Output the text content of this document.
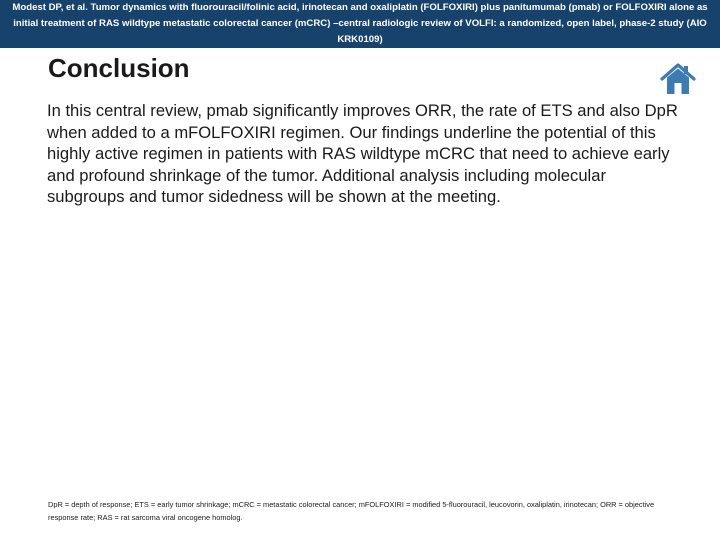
Modest DP, et al. Tumor dynamics with fluorouracil/folinic acid, irinotecan and oxaliplatin (FOLFOXIRI) plus panitumumab (pmab) or FOLFOXIRI alone as initial treatment of RAS wildtype metastatic colorectal cancer (mCRC) –central radiologic review of VOLFI: a randomized, open label, phase-2 study (AIO KRK0109)
Conclusion

In this central review, pmab significantly improves ORR, the rate of ETS and also DpR when added to a mFOLFOXIRI regimen. Our findings underline the potential of this highly active regimen in patients with RAS wildtype mCRC that need to achieve early and profound shrinkage of the tumor. Additional analysis including molecular subgroups and tumor sidedness will be shown at the meeting.

DpR = depth of response; ETS = early tumor shrinkage; mCRC = metastatic colorectal cancer; mFOLFOXIRI = modified 5-fluorouracil, leucovorin, oxaliplatin, irinotecan; ORR = objective response rate; RAS = rat sarcoma viral oncogene homolog.
